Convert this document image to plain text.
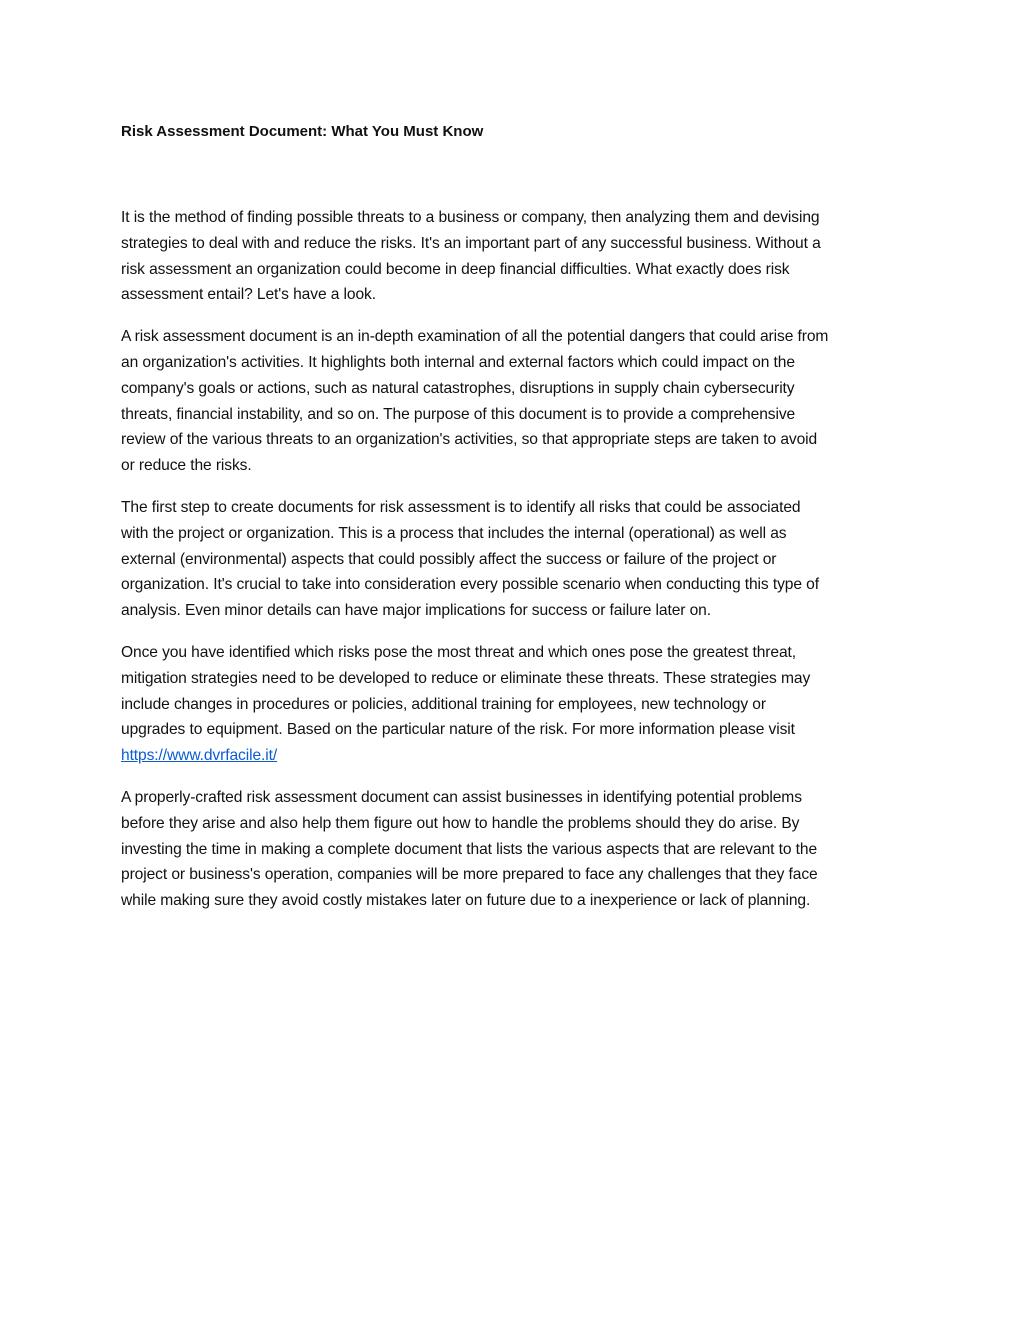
Risk Assessment Document: What You Must Know

It is the method of finding possible threats to a business or company, then analyzing them and devising
strategies to deal with and reduce the risks. It's an important part of any successful business. Without a
risk assessment an organization could become in deep financial difficulties. What exactly does risk
assessment entail? Let's have a look.

A risk assessment document is an in-depth examination of all the potential dangers that could arise from
an organization's activities. It highlights both internal and external factors which could impact on the
company's goals or actions, such as natural catastrophes, disruptions in supply chain cybersecurity
threats, financial instability, and so on. The purpose of this document is to provide a comprehensive
review of the various threats to an organization's activities, so that appropriate steps are taken to avoid
or reduce the risks.

The first step to create documents for risk assessment is to identify all risks that could be associated
with the project or organization. This is a process that includes the internal (operational) as well as
external (environmental) aspects that could possibly affect the success or failure of the project or
organization. It's crucial to take into consideration every possible scenario when conducting this type of
analysis. Even minor details can have major implications for success or failure later on.

Once you have identified which risks pose the most threat and which ones pose the greatest threat,
mitigation strategies need to be developed to reduce or eliminate these threats. These strategies may
include changes in procedures or policies, additional training for employees, new technology or
upgrades to equipment. Based on the particular nature of the risk. For more information please visit
https://www.dvrfacile.it/

A properly-crafted risk assessment document can assist businesses in identifying potential problems
before they arise and also help them figure out how to handle the problems should they do arise. By
investing the time in making a complete document that lists the various aspects that are relevant to the
project or business's operation, companies will be more prepared to face any challenges that they face
while making sure they avoid costly mistakes later on future due to a inexperience or lack of planning.
